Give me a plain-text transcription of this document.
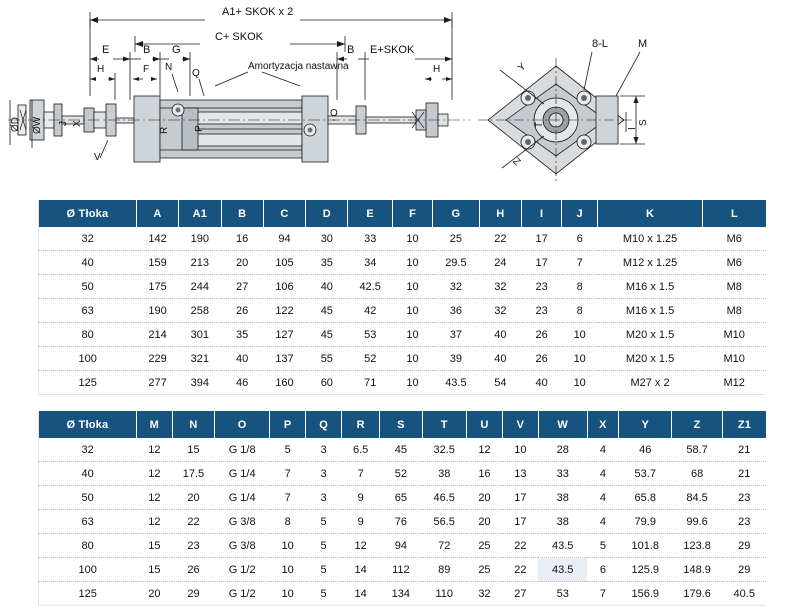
A1+ SKOK x 2
C+ SKOK
E	B G	B E+SKOK
H	F N
Q
Amortyzacja nastawna	H
8-L	M
ØD ØW J X
V
R P
O
S
Y
Z
T
I
Ø Tłoka	A	A1	B	C	D	E	F	G	H	I	J	K	L
32	142	190	16	94	30	33	10	25	22	17	6	M10 x 1.25	M6
40	159	213	20	105	35	34	10	29.5	24	17	7	M12 x 1.25	M6
50	175	244	27	106	40	42.5	10	32	32	23	8	M16 x 1.5	M8
63	190	258	26	122	45	42	10	36	32	23	8	M16 x 1.5	M8
80	214	301	35	127	45	53	10	37	40	26	10	M20 x 1.5	M10
100	229	321	40	137	55	52	10	39	40	26	10	M20 x 1.5	M10
125	277	394	46	160	60	71	10	43.5	54	40	10	M27 x 2	M12
Ø Tłoka	M	N	O	P	Q	R	S	T	U	V	W	X	Y	Z	Z1
32	12	15	G 1/8	5	3	6.5	45	32.5	12	10	28	4	46	58.7	21
40	12	17.5	G 1/4	7	3	7	52	38	16	13	33	4	53.7	68	21
50	12	20	G 1/4	7	3	9	65	46.5	20	17	38	4	65.8	84.5	23
63	12	22	G 3/8	8	5	9	76	56.5	20	17	38	4	79.9	99.6	23
80	15	23	G 3/8	10	5	12	94	72	25	22	43.5	5	101.8	123.8	29
100	15	26	G 1/2	10	5	14	112	89	25	22	43.5	6	125.9	148.9	29
125	20	29	G 1/2	10	5	14	134	110	32	27	53	7	156.9	179.6	40.5
